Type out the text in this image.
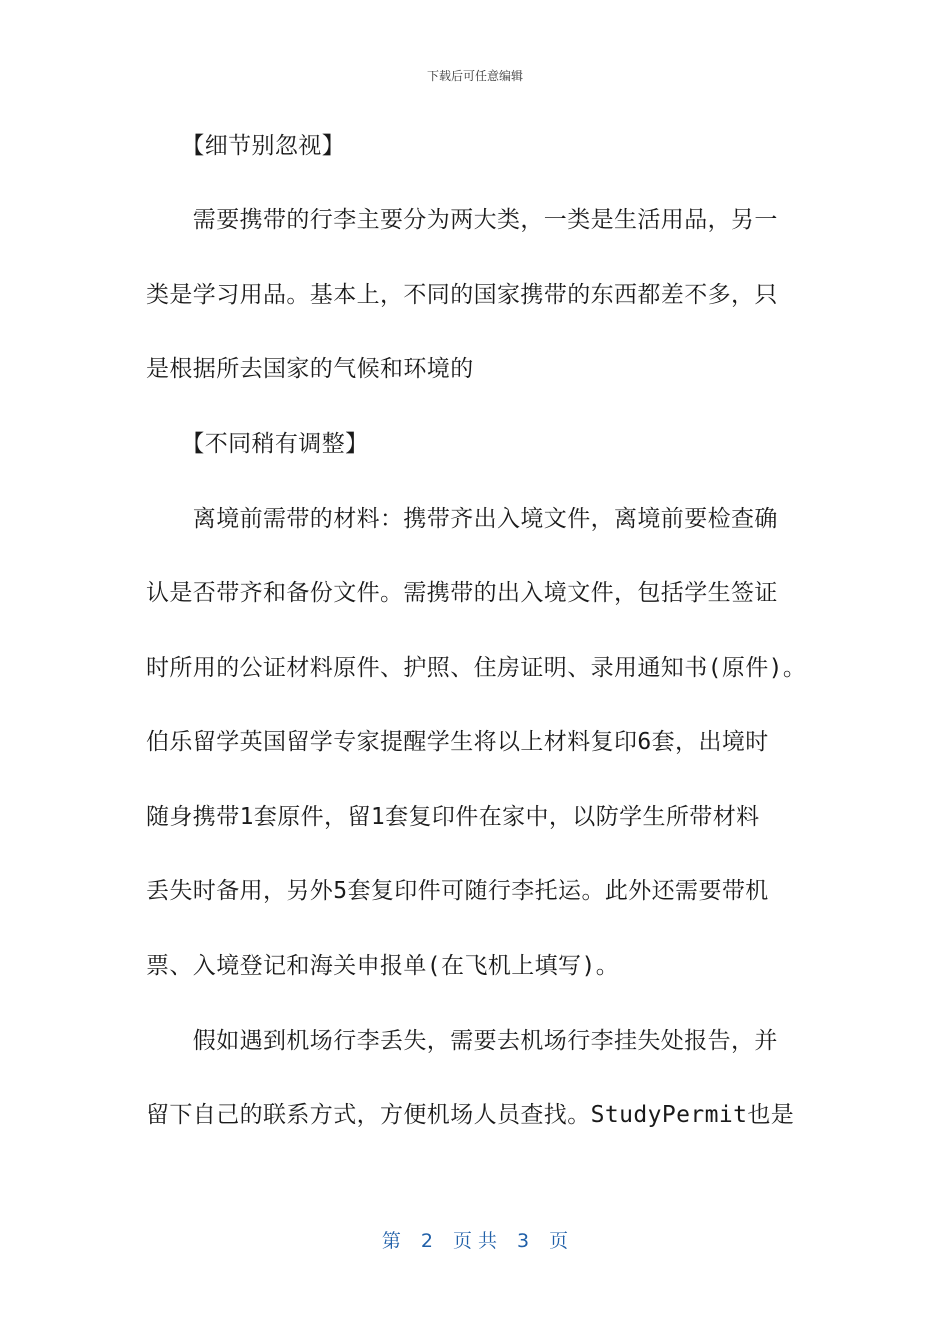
下载后可任意编辑
　　【细节别忽视】
　　需要携带的行李主要分为两大类，一类是生活用品，另一
类是学习用品。基本上，不同的国家携带的东西都差不多，只
是根据所去国家的气候和环境的
　　【不同稍有调整】
　　离境前需带的材料：携带齐出入境文件，离境前要检查确
认是否带齐和备份文件。需携带的出入境文件，包括学生签证
时所用的公证材料原件、护照、住房证明、录用通知书(原件)。
伯乐留学英国留学专家提醒学生将以上材料复印6套，出境时
随身携带1套原件，留1套复印件在家中，以防学生所带材料
丢失时备用，另外5套复印件可随行李托运。此外还需要带机
票、入境登记和海关申报单(在飞机上填写)。
　　假如遇到机场行李丢失，需要去机场行李挂失处报告，并
留下自己的联系方式，方便机场人员查找。StudyPermit也是
第 2 页 共 3 页
